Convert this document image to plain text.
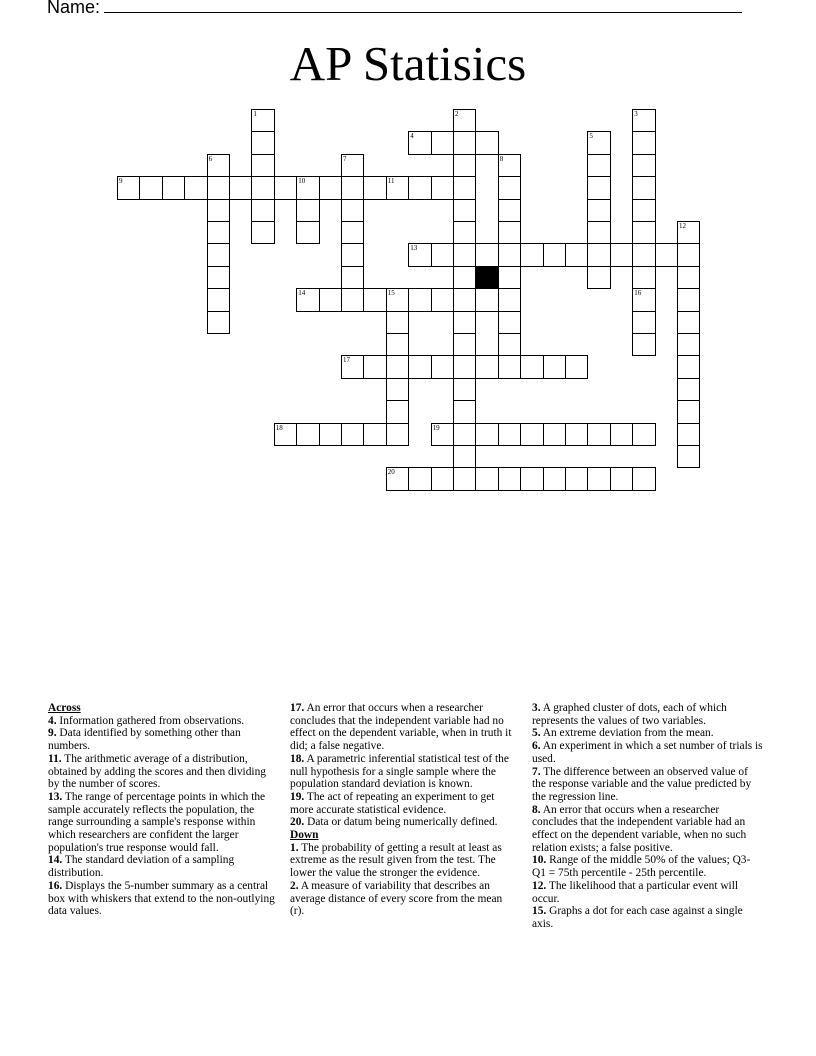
Name:
AP Statisics
4
9	10	11
13
14	15
17
18	19
20
1	2	3
16
5
6	7	8
12

Across

4. Information gathered from observations.

9. Data identified by something other than numbers.

11. The arithmetic average of a distribution, obtained by adding the scores and then dividing by the number of scores.

13. The range of percentage points in which the sample accurately reflects the population, the range surrounding a sample's response within which researchers are confident the larger population's true response would fall.

14. The standard deviation of a sampling distribution.

16. Displays the 5-number summary as a central box with whiskers that extend to the non-outlying data values.

17. An error that occurs when a researcher concludes that the independent variable had no effect on the dependent variable, when in truth it did; a false negative.

18. A parametric inferential statistical test of the null hypothesis for a single sample where the population standard deviation is known.

19. The act of repeating an experiment to get more accurate statistical evidence.

20. Data or datum being numerically defined.

Down

1. The probability of getting a result at least as extreme as the result given from the test. The lower the value the stronger the evidence.

2. A measure of variability that describes an average distance of every score from the mean (r).

3. A graphed cluster of dots, each of which represents the values of two variables.

5. An extreme deviation from the mean.

6. An experiment in which a set number of trials is used.

7. The difference between an observed value of the response variable and the value predicted by the regression line.

8. An error that occurs when a researcher concludes that the independent variable had an effect on the dependent variable, when no such relation exists; a false positive.

10. Range of the middle 50% of the values; Q3-Q1 = 75th percentile - 25th percentile.

12. The likelihood that a particular event will occur.

15. Graphs a dot for each case against a single axis.
